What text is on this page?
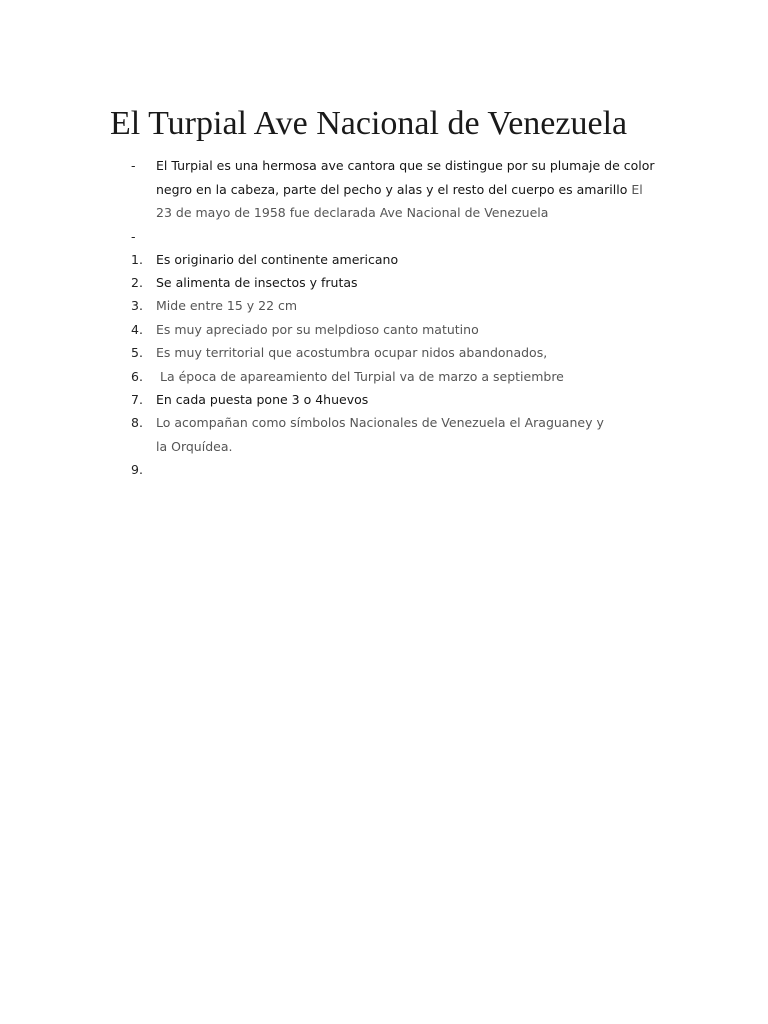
El Turpial Ave Nacional de Venezuela
- El Turpial es una hermosa ave cantora que se distingue por su plumaje de color negro en la cabeza, parte del pecho y alas y el resto del cuerpo es amarillo El 23 de mayo de 1958 fue declarada Ave Nacional de Venezuela
-
1. Es originario del continente americano
2. Se alimenta de insectos y frutas
3. Mide entre 15 y 22 cm
4. Es muy apreciado por su melpdioso canto matutino
5. Es muy territorial que acostumbra ocupar nidos abandonados,
6. La época de apareamiento del Turpial va de marzo a septiembre
7. En cada puesta pone 3 o 4huevos
8. Lo acompañan como símbolos Nacionales de Venezuela el Araguaney y la Orquídea.
9.
